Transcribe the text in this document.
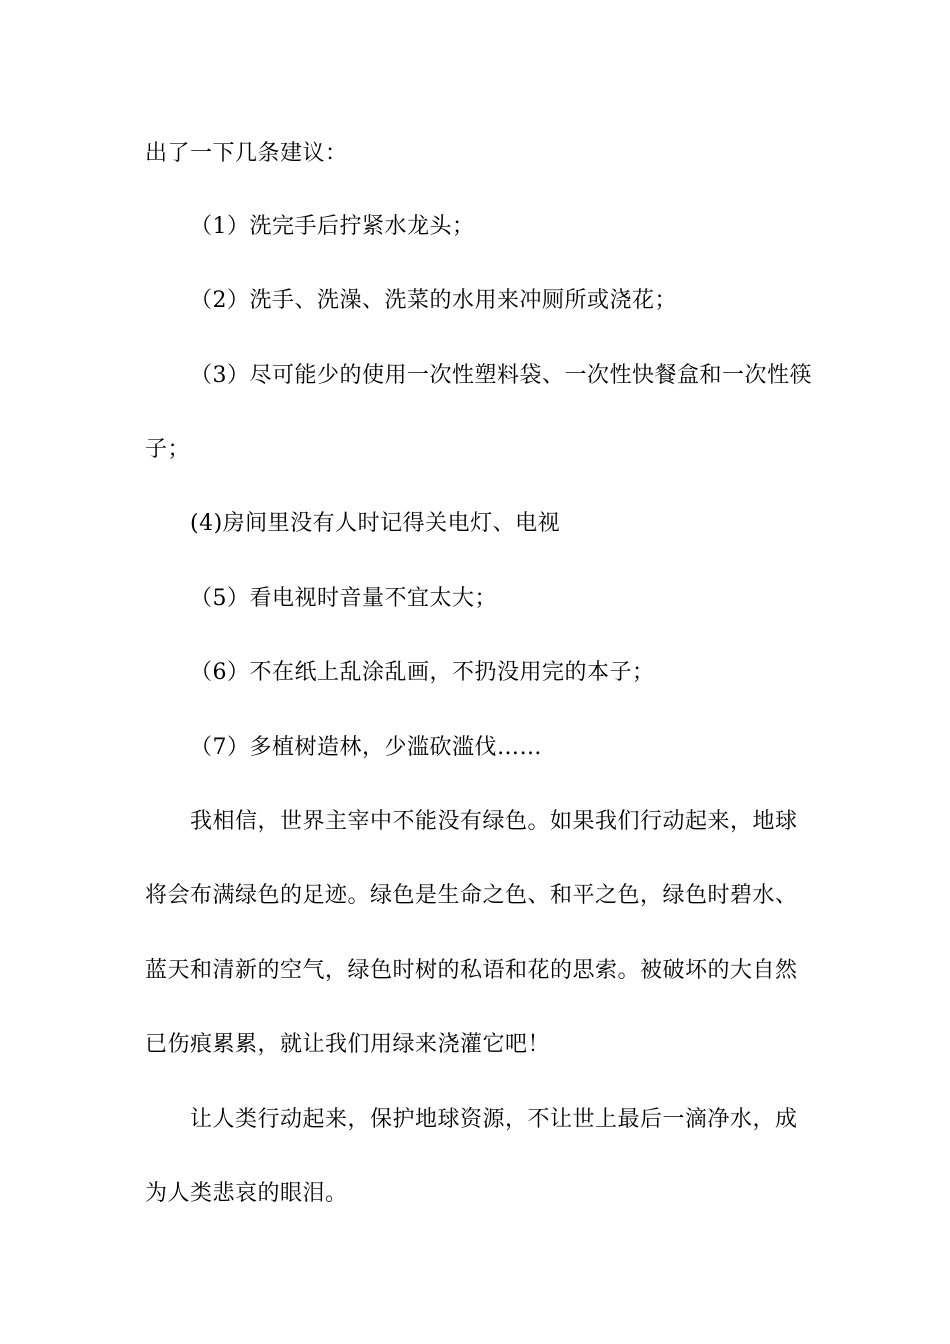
出了一下几条建议：
（1）洗完手后拧紧水龙头；
（2）洗手、洗澡、洗菜的水用来冲厕所或浇花；
（3）尽可能少的使用一次性塑料袋、一次性快餐盒和一次性筷
子；
(4)房间里没有人时记得关电灯、电视
（5）看电视时音量不宜太大；
（6）不在纸上乱涂乱画，不扔没用完的本子；
（7）多植树造林，少滥砍滥伐……
我相信，世界主宰中不能没有绿色。如果我们行动起来，地球
将会布满绿色的足迹。绿色是生命之色、和平之色，绿色时碧水、
蓝天和清新的空气，绿色时树的私语和花的思索。被破坏的大自然
已伤痕累累，就让我们用绿来浇灌它吧！
让人类行动起来，保护地球资源，不让世上最后一滴净水，成
为人类悲哀的眼泪。
